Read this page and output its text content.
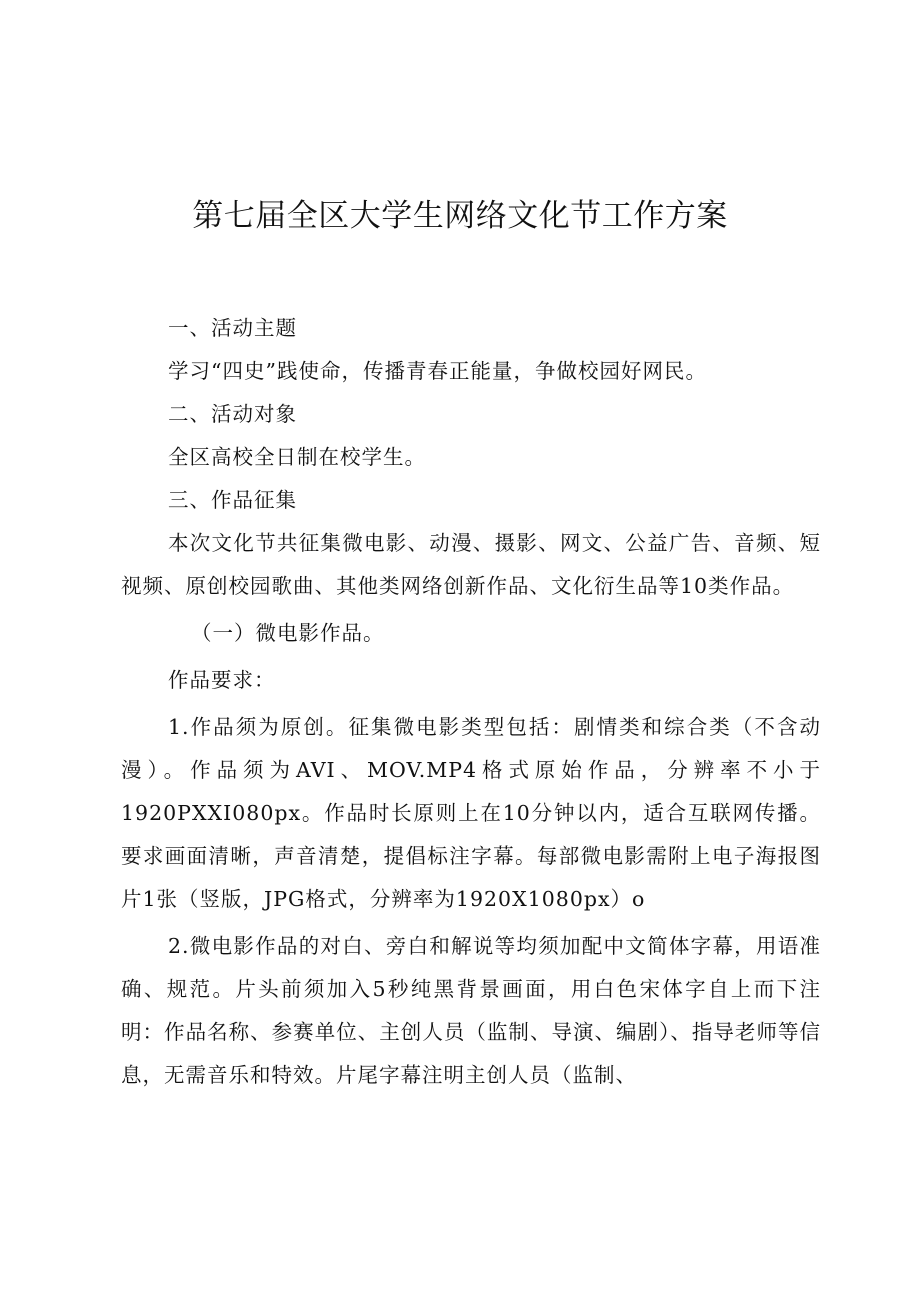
第七届全区大学生网络文化节工作方案

一、活动主题

学习“四史”践使命，传播青春正能量，争做校园好网民。

二、活动对象

全区高校全日制在校学生。

三、作品征集

本次文化节共征集微电影、动漫、摄影、网文、公益广告、音频、短视频、原创校园歌曲、其他类网络创新作品、文化衍生品等10类作品。

（一）微电影作品。

作品要求：

1.作品须为原创。征集微电影类型包括：剧情类和综合类（不含动漫）。作品须为AVI、MOV.MP4格式原始作品，分辨率不小于1920PXXI080px。作品时长原则上在10分钟以内，适合互联网传播。要求画面清晰，声音清楚，提倡标注字幕。每部微电影需附上电子海报图片1张（竖版，JPG格式，分辨率为1920X1080px）o

2.微电影作品的对白、旁白和解说等均须加配中文简体字幕，用语准确、规范。片头前须加入5秒纯黑背景画面，用白色宋体字自上而下注明：作品名称、参赛单位、主创人员（监制、导演、编剧）、指导老师等信息，无需音乐和特效。片尾字幕注明主创人员（监制、
